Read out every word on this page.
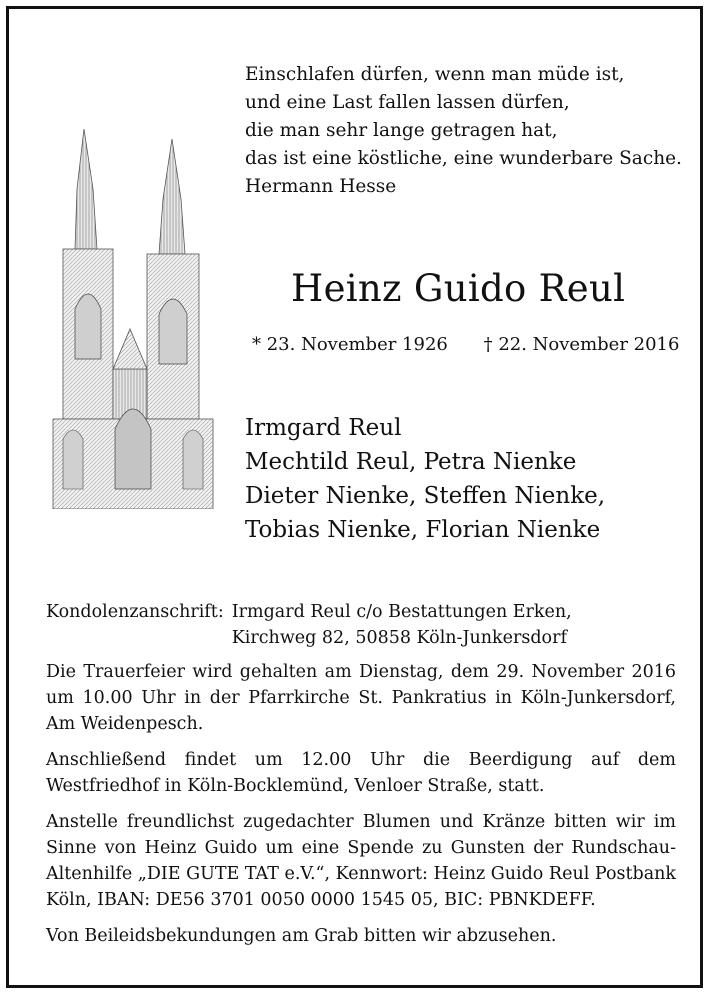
Einschlafen dürfen, wenn man müde ist,
und eine Last fallen lassen dürfen,
die man sehr lange getragen hat,
das ist eine köstliche, eine wunderbare Sache.
Hermann Hesse
Heinz Guido Reul
* 23. November 1926 † 22. November 2016
Irmgard Reul
Mechtild Reul, Petra Nienke
Dieter Nienke, Steffen Nienke,
Tobias Nienke, Florian Nienke
Kondolenzanschrift: Irmgard Reul c/o Bestattungen Erken,
Kirchweg 82, 50858 Köln-Junkersdorf

Die Trauerfeier wird gehalten am Dienstag, dem 29. November 2016 um 10.00 Uhr in der Pfarrkirche St. Pankratius in Köln-Junkersdorf, Am Weidenpesch.

Anschließend findet um 12.00 Uhr die Beerdigung auf dem Westfriedhof in Köln-Bocklemünd, Venloer Straße, statt.

Anstelle freundlichst zugedachter Blumen und Kränze bitten wir im Sinne von Heinz Guido um eine Spende zu Gunsten der Rundschau-Altenhilfe „DIE GUTE TAT e.V.“, Kennwort: Heinz Guido Reul Postbank Köln, IBAN: DE56 3701 0050 0000 1545 05, BIC: PBNKDEFF.

Von Beileidsbekundungen am Grab bitten wir abzusehen.
